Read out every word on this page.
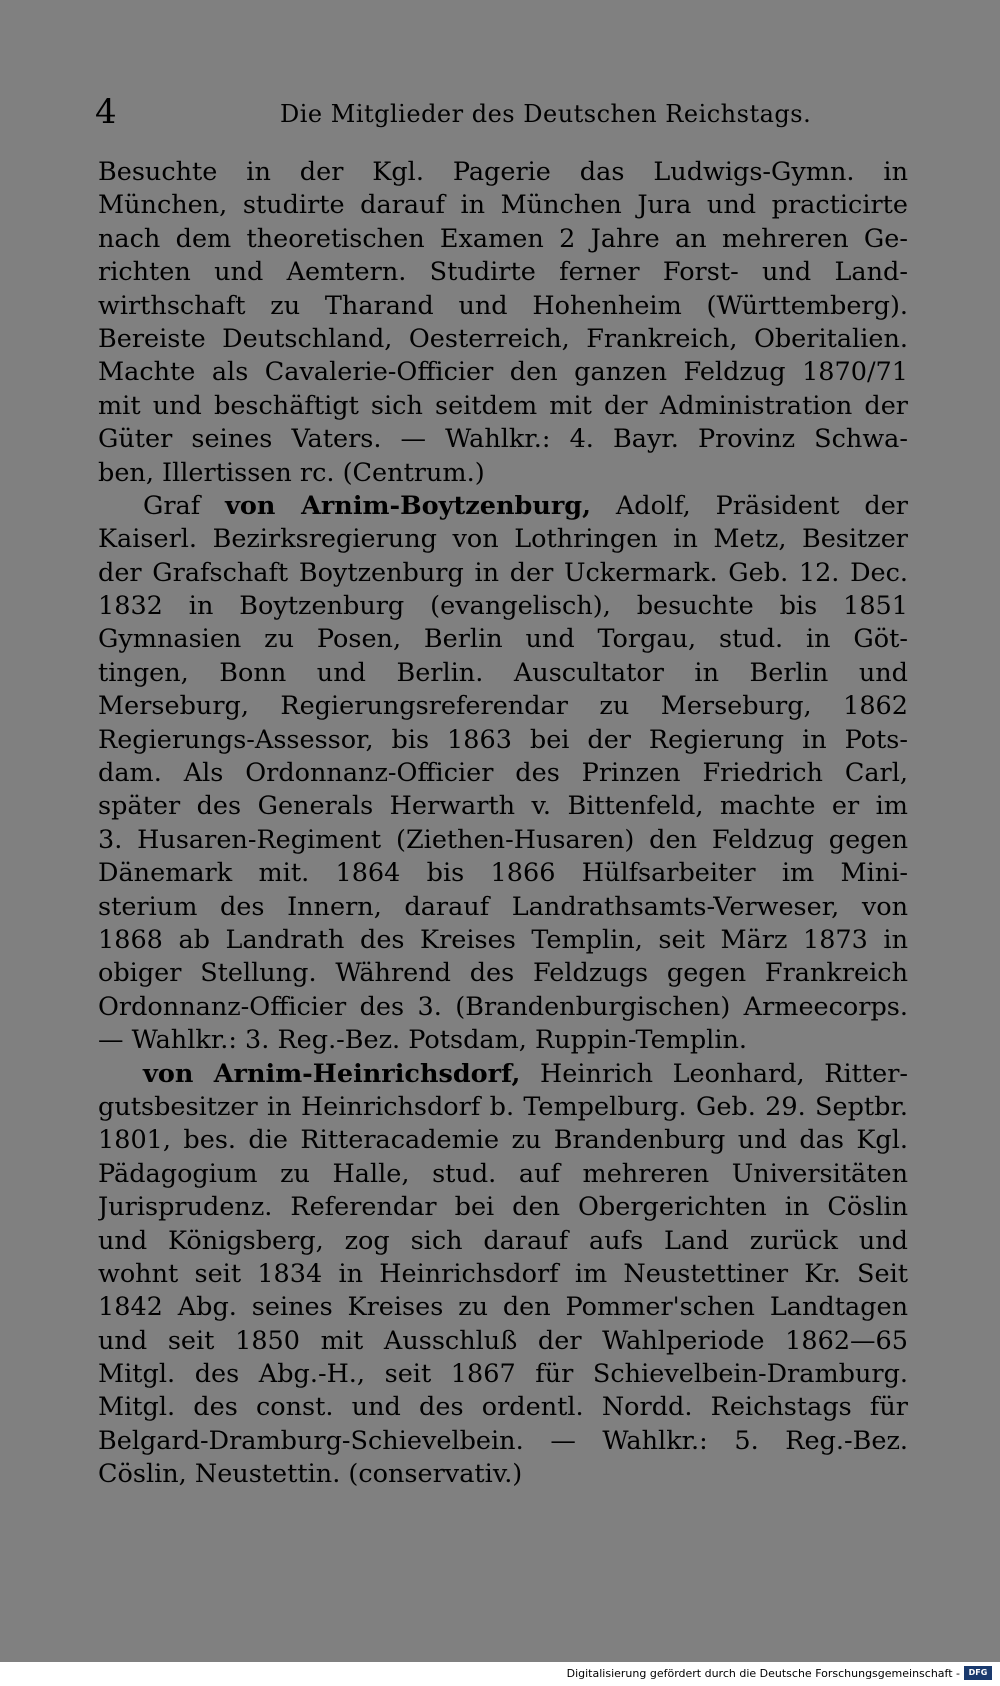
4	Die Mitglieder des Deutschen Reichstags.
Besuchte in der Kgl. Pagerie das Ludwigs-Gymn. in
München, studirte darauf in München Jura und practicirte
nach dem theoretischen Examen 2 Jahre an mehreren Ge-
richten und Aemtern. Studirte ferner Forst- und Land-
wirthschaft zu Tharand und Hohenheim (Württemberg).
Bereiste Deutschland, Oesterreich, Frankreich, Oberitalien.
Machte als Cavalerie-Officier den ganzen Feldzug 1870/71
mit und beschäftigt sich seitdem mit der Administration der
Güter seines Vaters. — Wahlkr.: 4. Bayr. Provinz Schwa-
ben, Illertissen rc. (Centrum.)
Graf von Arnim-Boytzenburg, Adolf, Präsident der
Kaiserl. Bezirksregierung von Lothringen in Metz, Besitzer
der Grafschaft Boytzenburg in der Uckermark. Geb. 12. Dec.
1832 in Boytzenburg (evangelisch), besuchte bis 1851
Gymnasien zu Posen, Berlin und Torgau, stud. in Göt-
tingen, Bonn und Berlin. Auscultator in Berlin und
Merseburg, Regierungsreferendar zu Merseburg, 1862
Regierungs-Assessor, bis 1863 bei der Regierung in Pots-
dam. Als Ordonnanz-Officier des Prinzen Friedrich Carl,
später des Generals Herwarth v. Bittenfeld, machte er im
3. Husaren-Regiment (Ziethen-Husaren) den Feldzug gegen
Dänemark mit. 1864 bis 1866 Hülfsarbeiter im Mini-
sterium des Innern, darauf Landrathsamts-Verweser, von
1868 ab Landrath des Kreises Templin, seit März 1873 in
obiger Stellung. Während des Feldzugs gegen Frankreich
Ordonnanz-Officier des 3. (Brandenburgischen) Armeecorps.
— Wahlkr.: 3. Reg.-Bez. Potsdam, Ruppin-Templin.
von Arnim-Heinrichsdorf, Heinrich Leonhard, Ritter-
gutsbesitzer in Heinrichsdorf b. Tempelburg. Geb. 29. Septbr.
1801, bes. die Ritteracademie zu Brandenburg und das Kgl.
Pädagogium zu Halle, stud. auf mehreren Universitäten
Jurisprudenz. Referendar bei den Obergerichten in Cöslin
und Königsberg, zog sich darauf aufs Land zurück und
wohnt seit 1834 in Heinrichsdorf im Neustettiner Kr. Seit
1842 Abg. seines Kreises zu den Pommer'schen Landtagen
und seit 1850 mit Ausschluß der Wahlperiode 1862—65
Mitgl. des Abg.-H., seit 1867 für Schievelbein-Dramburg.
Mitgl. des const. und des ordentl. Nordd. Reichstags für
Belgard-Dramburg-Schievelbein. — Wahlkr.: 5. Reg.-Bez.
Cöslin, Neustettin. (conservativ.)
Digitalisierung gefördert durch die Deutsche Forschungsgemeinschaft -	DFG
